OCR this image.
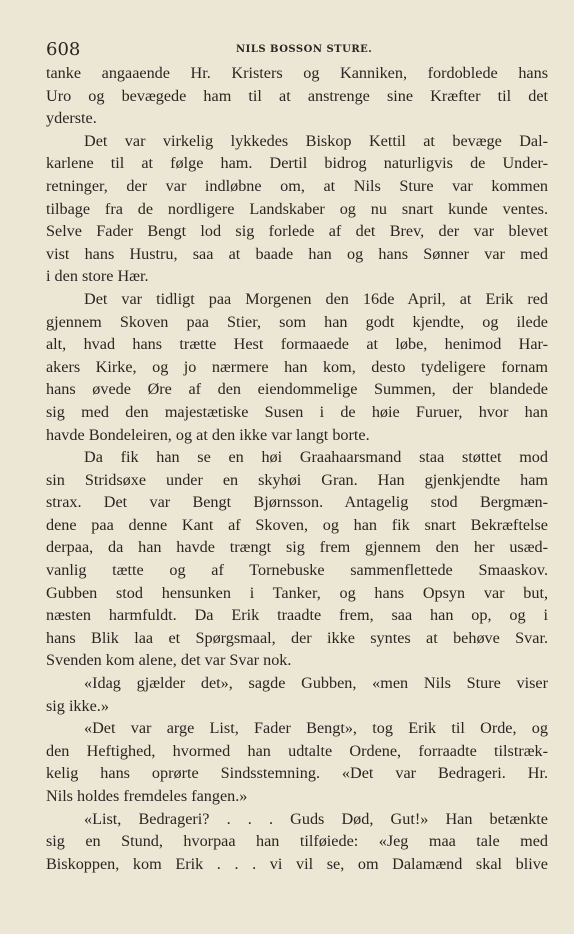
608	NILS BOSSON STURE.
tanke angaaende Hr. Kristers og Kanniken, fordoblede hans
Uro og bevægede ham til at anstrenge sine Kræfter til det
yderste.
Det var virkelig lykkedes Biskop Kettil at bevæge Dal-
karlene til at følge ham. Dertil bidrog naturligvis de Under-
retninger, der var indløbne om, at Nils Sture var kommen
tilbage fra de nordligere Landskaber og nu snart kunde ventes.
Selve Fader Bengt lod sig forlede af det Brev, der var blevet
vist hans Hustru, saa at baade han og hans Sønner var med
i den store Hær.
Det var tidligt paa Morgenen den 16de April, at Erik red
gjennem Skoven paa Stier, som han godt kjendte, og ilede
alt, hvad hans trætte Hest formaaede at løbe, henimod Har-
akers Kirke, og jo nærmere han kom, desto tydeligere fornam
hans øvede Øre af den eiendommelige Summen, der blandede
sig med den majestætiske Susen i de høie Furuer, hvor han
havde Bondeleiren, og at den ikke var langt borte.
Da fik han se en høi Graahaarsmand staa støttet mod
sin Stridsøxe under en skyhøi Gran. Han gjenkjendte ham
strax. Det var Bengt Bjørnsson. Antagelig stod Bergmæn-
dene paa denne Kant af Skoven, og han fik snart Bekræftelse
derpaa, da han havde trængt sig frem gjennem den her usæd-
vanlig tætte og af Tornebuske sammenflettede Smaaskov.
Gubben stod hensunken i Tanker, og hans Opsyn var but,
næsten harmfuldt. Da Erik traadte frem, saa han op, og i
hans Blik laa et Spørgsmaal, der ikke syntes at behøve Svar.
Svenden kom alene, det var Svar nok.
«Idag gjælder det», sagde Gubben, «men Nils Sture viser
sig ikke.»
«Det var arge List, Fader Bengt», tog Erik til Orde, og
den Heftighed, hvormed han udtalte Ordene, forraadte tilstræk-
kelig hans oprørte Sindsstemning. «Det var Bedrageri. Hr.
Nils holdes fremdeles fangen.»
«List, Bedrageri? . . . Guds Død, Gut!» Han betænkte
sig en Stund, hvorpaa han tilføiede: «Jeg maa tale med
Biskoppen, kom Erik . . . vi vil se, om Dalamænd skal blive
